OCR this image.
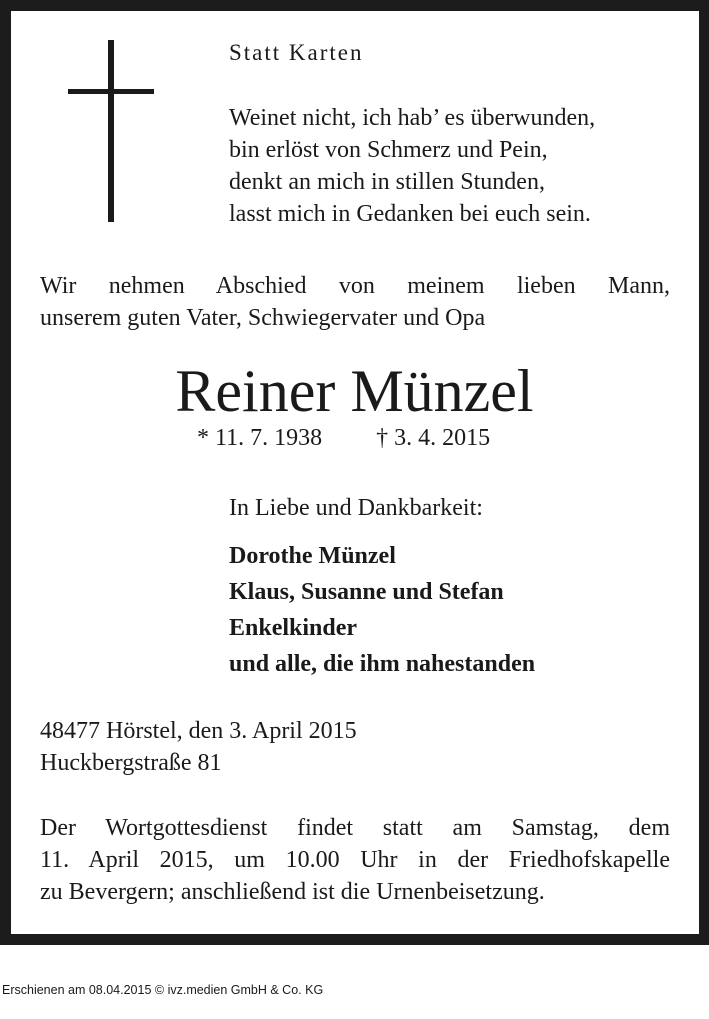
Statt Karten
Weinet nicht, ich hab’ es überwunden,
bin erlöst von Schmerz und Pein,
denkt an mich in stillen Stunden,
lasst mich in Gedanken bei euch sein.
Wir nehmen Abschied von meinem lieben Mann,
unserem guten Vater, Schwiegervater und Opa
Reiner Münzel
* 11. 7. 1938 † 3. 4. 2015
In Liebe und Dankbarkeit:
Dorothe Münzel
Klaus, Susanne und Stefan
Enkelkinder
und alle, die ihm nahestanden
48477 Hörstel, den 3. April 2015
Huckbergstraße 81
Der Wortgottesdienst findet statt am Samstag, dem
11. April 2015, um 10.00 Uhr in der Friedhofskapelle
zu Bevergern; anschließend ist die Urnenbeisetzung.
Erschienen am 08.04.2015 © ivz.medien GmbH & Co. KG
